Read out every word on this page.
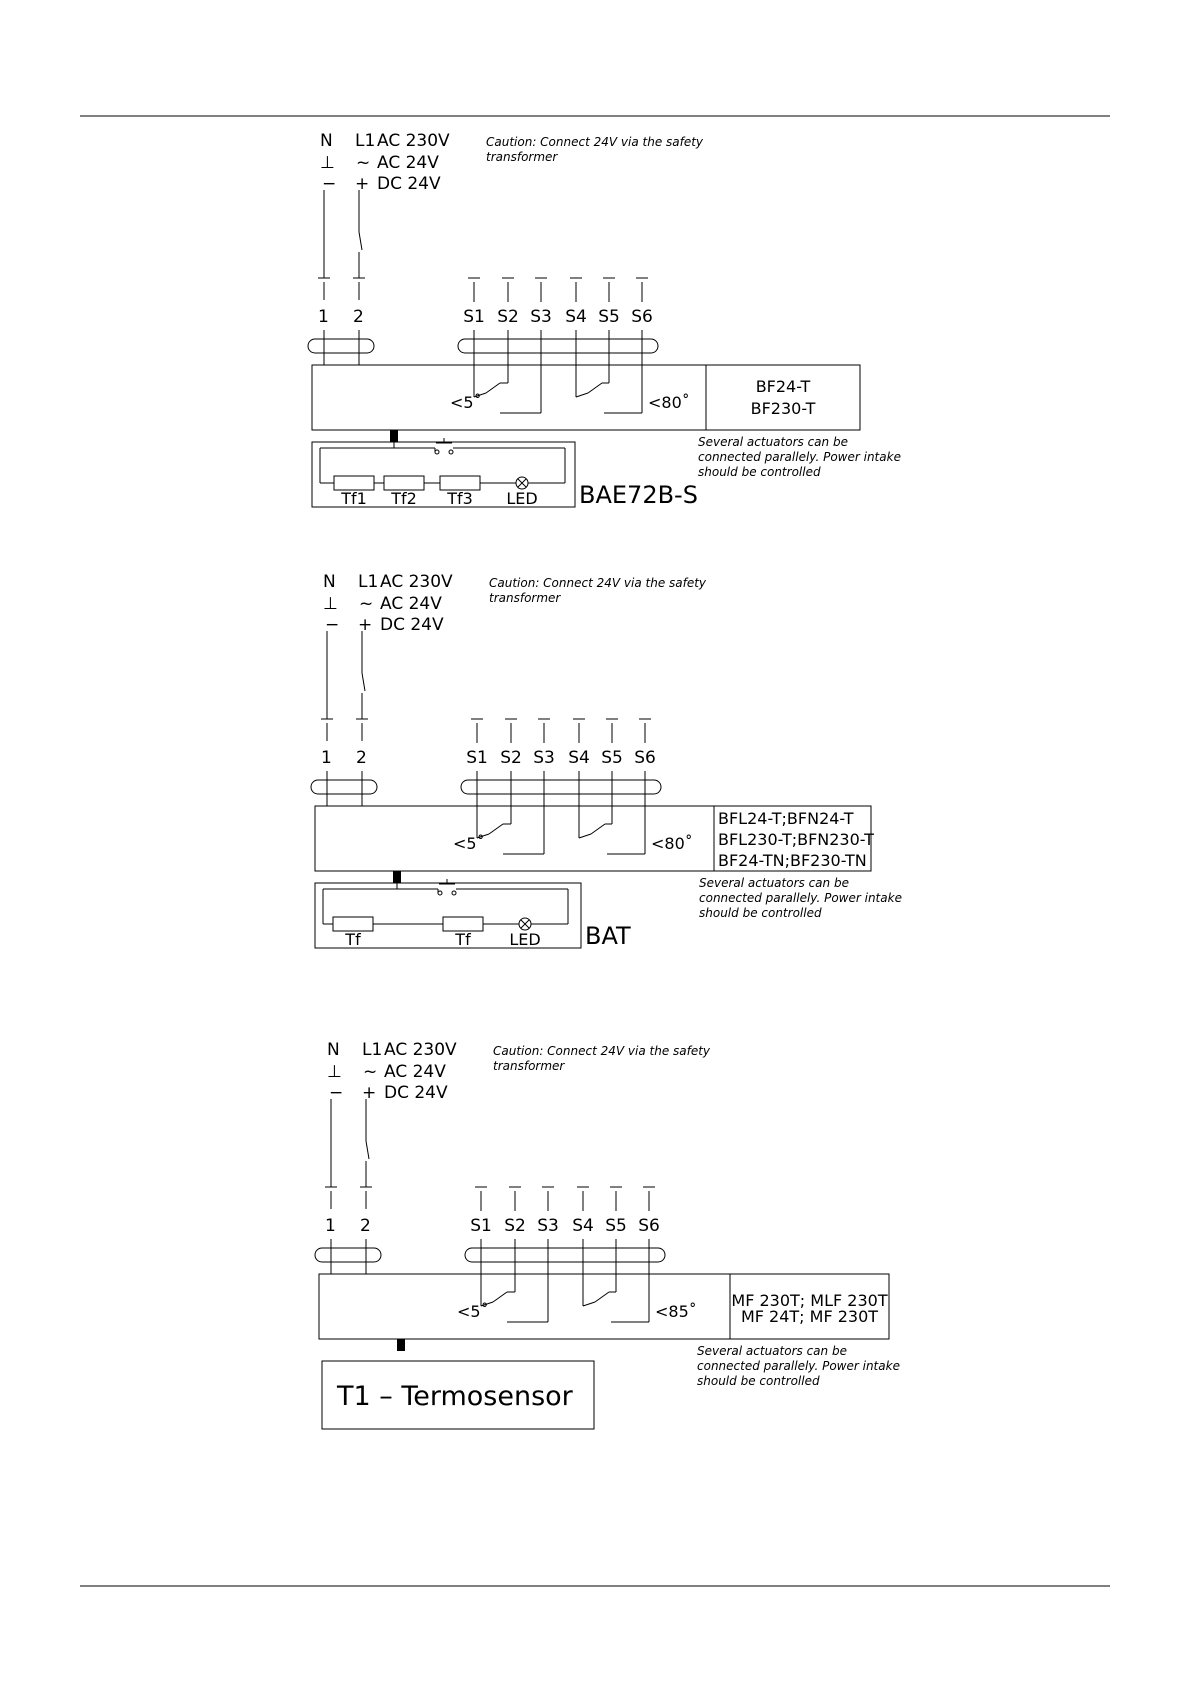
N L1 AC 230V
⊥ ~ AC 24V
− + DC 24V
Caution: Connect 24V via the safety
transformer
1 2	S1 S2 S3 S4 S5 S6
<5˚	<80˚
BF24-T
BF230-T
Several actuators can be
connected parallely. Power intake
should be controlled
Tf1 Tf2 Tf3 LED BAE72B-S
N L1 AC 230V
⊥ ~ AC 24V
− + DC 24V
Caution: Connect 24V via the safety
transformer
1 2	S1 S2 S3 S4 S5 S6
<5˚	<80˚
BFL24-T;BFN24-T
BFL230-T;BFN230-T
BF24-TN;BF230-TN
Several actuators can be
connected parallely. Power intake
should be controlled
Tf	Tf LED BAT
N L1 AC 230V
⊥ ~ AC 24V
− + DC 24V
Caution: Connect 24V via the safety
transformer
1 2	S1 S2 S3 S4 S5 S6
<5˚	<85˚
MF 230T; MLF 230T
MF 24T; MF 230T
Several actuators can be
connected parallely. Power intake
should be controlled
T1 – Termosensor
